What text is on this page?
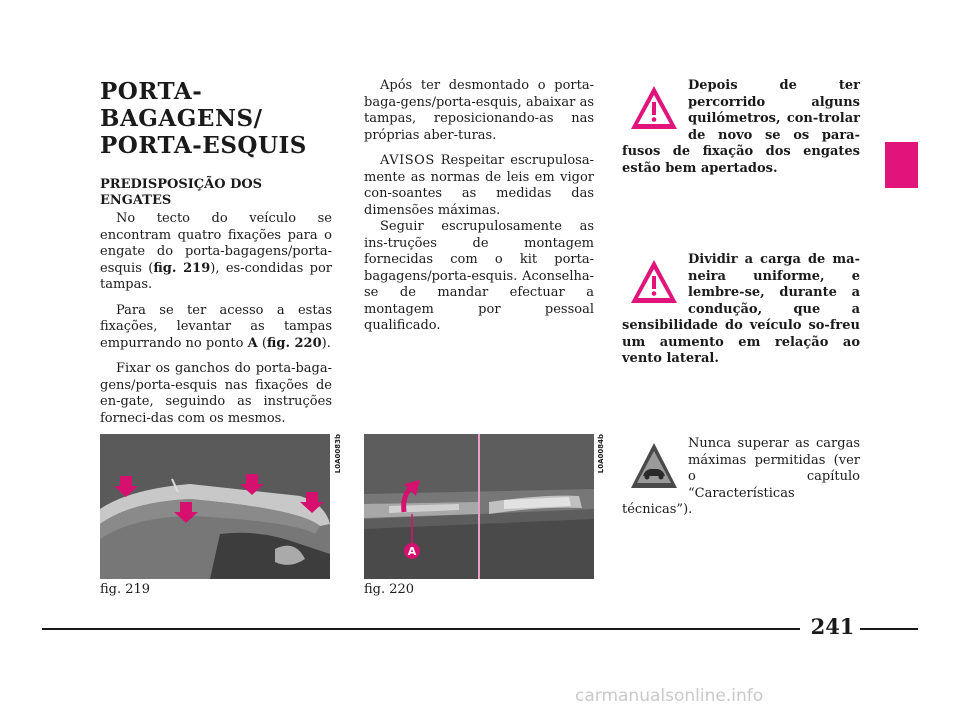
PORTA-BAGAGENS/
PORTA-ESQUIS
PREDISPOSIÇÃO DOS
ENGATES

No tecto do veículo se encontram quatro fixações para o engate do porta-bagagens/porta-esquis (fig. 219), es-condidas por tampas.

Para se ter acesso a estas fixações, levantar as tampas empurrando no ponto A (fig. 220).

Fixar os ganchos do porta-baga-gens/porta-esquis nas fixações de en-gate, seguindo as instruções forneci-das com os mesmos.

Após ter desmontado o porta-baga-gens/porta-esquis, abaixar as tampas, reposicionando-as nas próprias aber-turas.

AVISOS Respeitar escrupulosa-mente as normas de leis em vigor con-soantes as medidas das dimensões máximas.

Seguir escrupulosamente as ins-truções de montagem fornecidas com o kit porta-bagagens/porta-esquis. Aconselha-se de mandar efectuar a montagem por pessoal qualificado.

Depois de ter percorrido alguns quilómetros, con-trolar de novo se os para-fusos de fixação dos engates estão bem apertados.
Dividir a carga de ma-neira uniforme, e lembre-se, durante a condução, que a sensibilidade do veículo so-freu um aumento em relação ao vento lateral.
Nunca superar as cargas máximas permitidas (ver o capítulo “Características técnicas”).
L0A0083b
fig. 219
A
L0A0084b
fig. 220
241
carmanualsonline.info
